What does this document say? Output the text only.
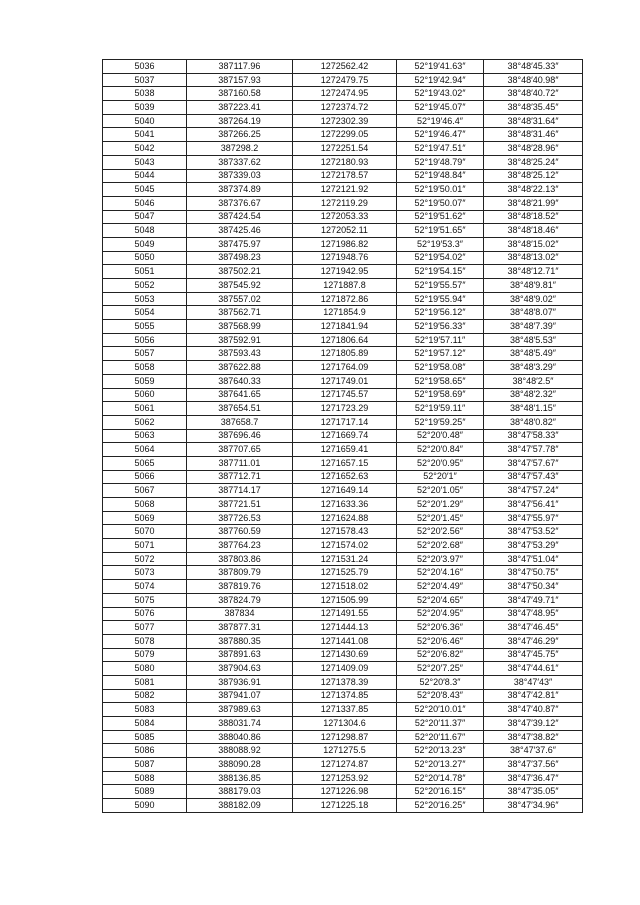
5036	387117.96	1272562.42	52°19′41.63″	38°48′45.33″
5037	387157.93	1272479.75	52°19′42.94″	38°48′40.98″
5038	387160.58	1272474.95	52°19′43.02″	38°48′40.72″
5039	387223.41	1272374.72	52°19′45.07″	38°48′35.45″
5040	387264.19	1272302.39	52°19′46.4″	38°48′31.64″
5041	387266.25	1272299.05	52°19′46.47″	38°48′31.46″
5042	387298.2	1272251.54	52°19′47.51″	38°48′28.96″
5043	387337.62	1272180.93	52°19′48.79″	38°48′25.24″
5044	387339.03	1272178.57	52°19′48.84″	38°48′25.12″
5045	387374.89	1272121.92	52°19′50.01″	38°48′22.13″
5046	387376.67	1272119.29	52°19′50.07″	38°48′21.99″
5047	387424.54	1272053.33	52°19′51.62″	38°48′18.52″
5048	387425.46	1272052.11	52°19′51.65″	38°48′18.46″
5049	387475.97	1271986.82	52°19′53.3″	38°48′15.02″
5050	387498.23	1271948.76	52°19′54.02″	38°48′13.02″
5051	387502.21	1271942.95	52°19′54.15″	38°48′12.71″
5052	387545.92	1271887.8	52°19′55.57″	38°48′9.81″
5053	387557.02	1271872.86	52°19′55.94″	38°48′9.02″
5054	387562.71	1271854.9	52°19′56.12″	38°48′8.07″
5055	387568.99	1271841.94	52°19′56.33″	38°48′7.39″
5056	387592.91	1271806.64	52°19′57.11″	38°48′5.53″
5057	387593.43	1271805.89	52°19′57.12″	38°48′5.49″
5058	387622.88	1271764.09	52°19′58.08″	38°48′3.29″
5059	387640.33	1271749.01	52°19′58.65″	38°48′2.5″
5060	387641.65	1271745.57	52°19′58.69″	38°48′2.32″
5061	387654.51	1271723.29	52°19′59.11″	38°48′1.15″
5062	387658.7	1271717.14	52°19′59.25″	38°48′0.82″
5063	387696.46	1271669.74	52°20′0.48″	38°47′58.33″
5064	387707.65	1271659.41	52°20′0.84″	38°47′57.78″
5065	387711.01	1271657.15	52°20′0.95″	38°47′57.67″
5066	387712.71	1271652.63	52°20′1″	38°47′57.43″
5067	387714.17	1271649.14	52°20′1.05″	38°47′57.24″
5068	387721.51	1271633.36	52°20′1.29″	38°47′56.41″
5069	387726.53	1271624.88	52°20′1.45″	38°47′55.97″
5070	387760.59	1271578.43	52°20′2.56″	38°47′53.52″
5071	387764.23	1271574.02	52°20′2.68″	38°47′53.29″
5072	387803.86	1271531.24	52°20′3.97″	38°47′51.04″
5073	387809.79	1271525.79	52°20′4.16″	38°47′50.75″
5074	387819.76	1271518.02	52°20′4.49″	38°47′50.34″
5075	387824.79	1271505.99	52°20′4.65″	38°47′49.71″
5076	387834	1271491.55	52°20′4.95″	38°47′48.95″
5077	387877.31	1271444.13	52°20′6.36″	38°47′46.45″
5078	387880.35	1271441.08	52°20′6.46″	38°47′46.29″
5079	387891.63	1271430.69	52°20′6.82″	38°47′45.75″
5080	387904.63	1271409.09	52°20′7.25″	38°47′44.61″
5081	387936.91	1271378.39	52°20′8.3″	38°47′43″
5082	387941.07	1271374.85	52°20′8.43″	38°47′42.81″
5083	387989.63	1271337.85	52°20′10.01″	38°47′40.87″
5084	388031.74	1271304.6	52°20′11.37″	38°47′39.12″
5085	388040.86	1271298.87	52°20′11.67″	38°47′38.82″
5086	388088.92	1271275.5	52°20′13.23″	38°47′37.6″
5087	388090.28	1271274.87	52°20′13.27″	38°47′37.56″
5088	388136.85	1271253.92	52°20′14.78″	38°47′36.47″
5089	388179.03	1271226.98	52°20′16.15″	38°47′35.05″
5090	388182.09	1271225.18	52°20′16.25″	38°47′34.96″
